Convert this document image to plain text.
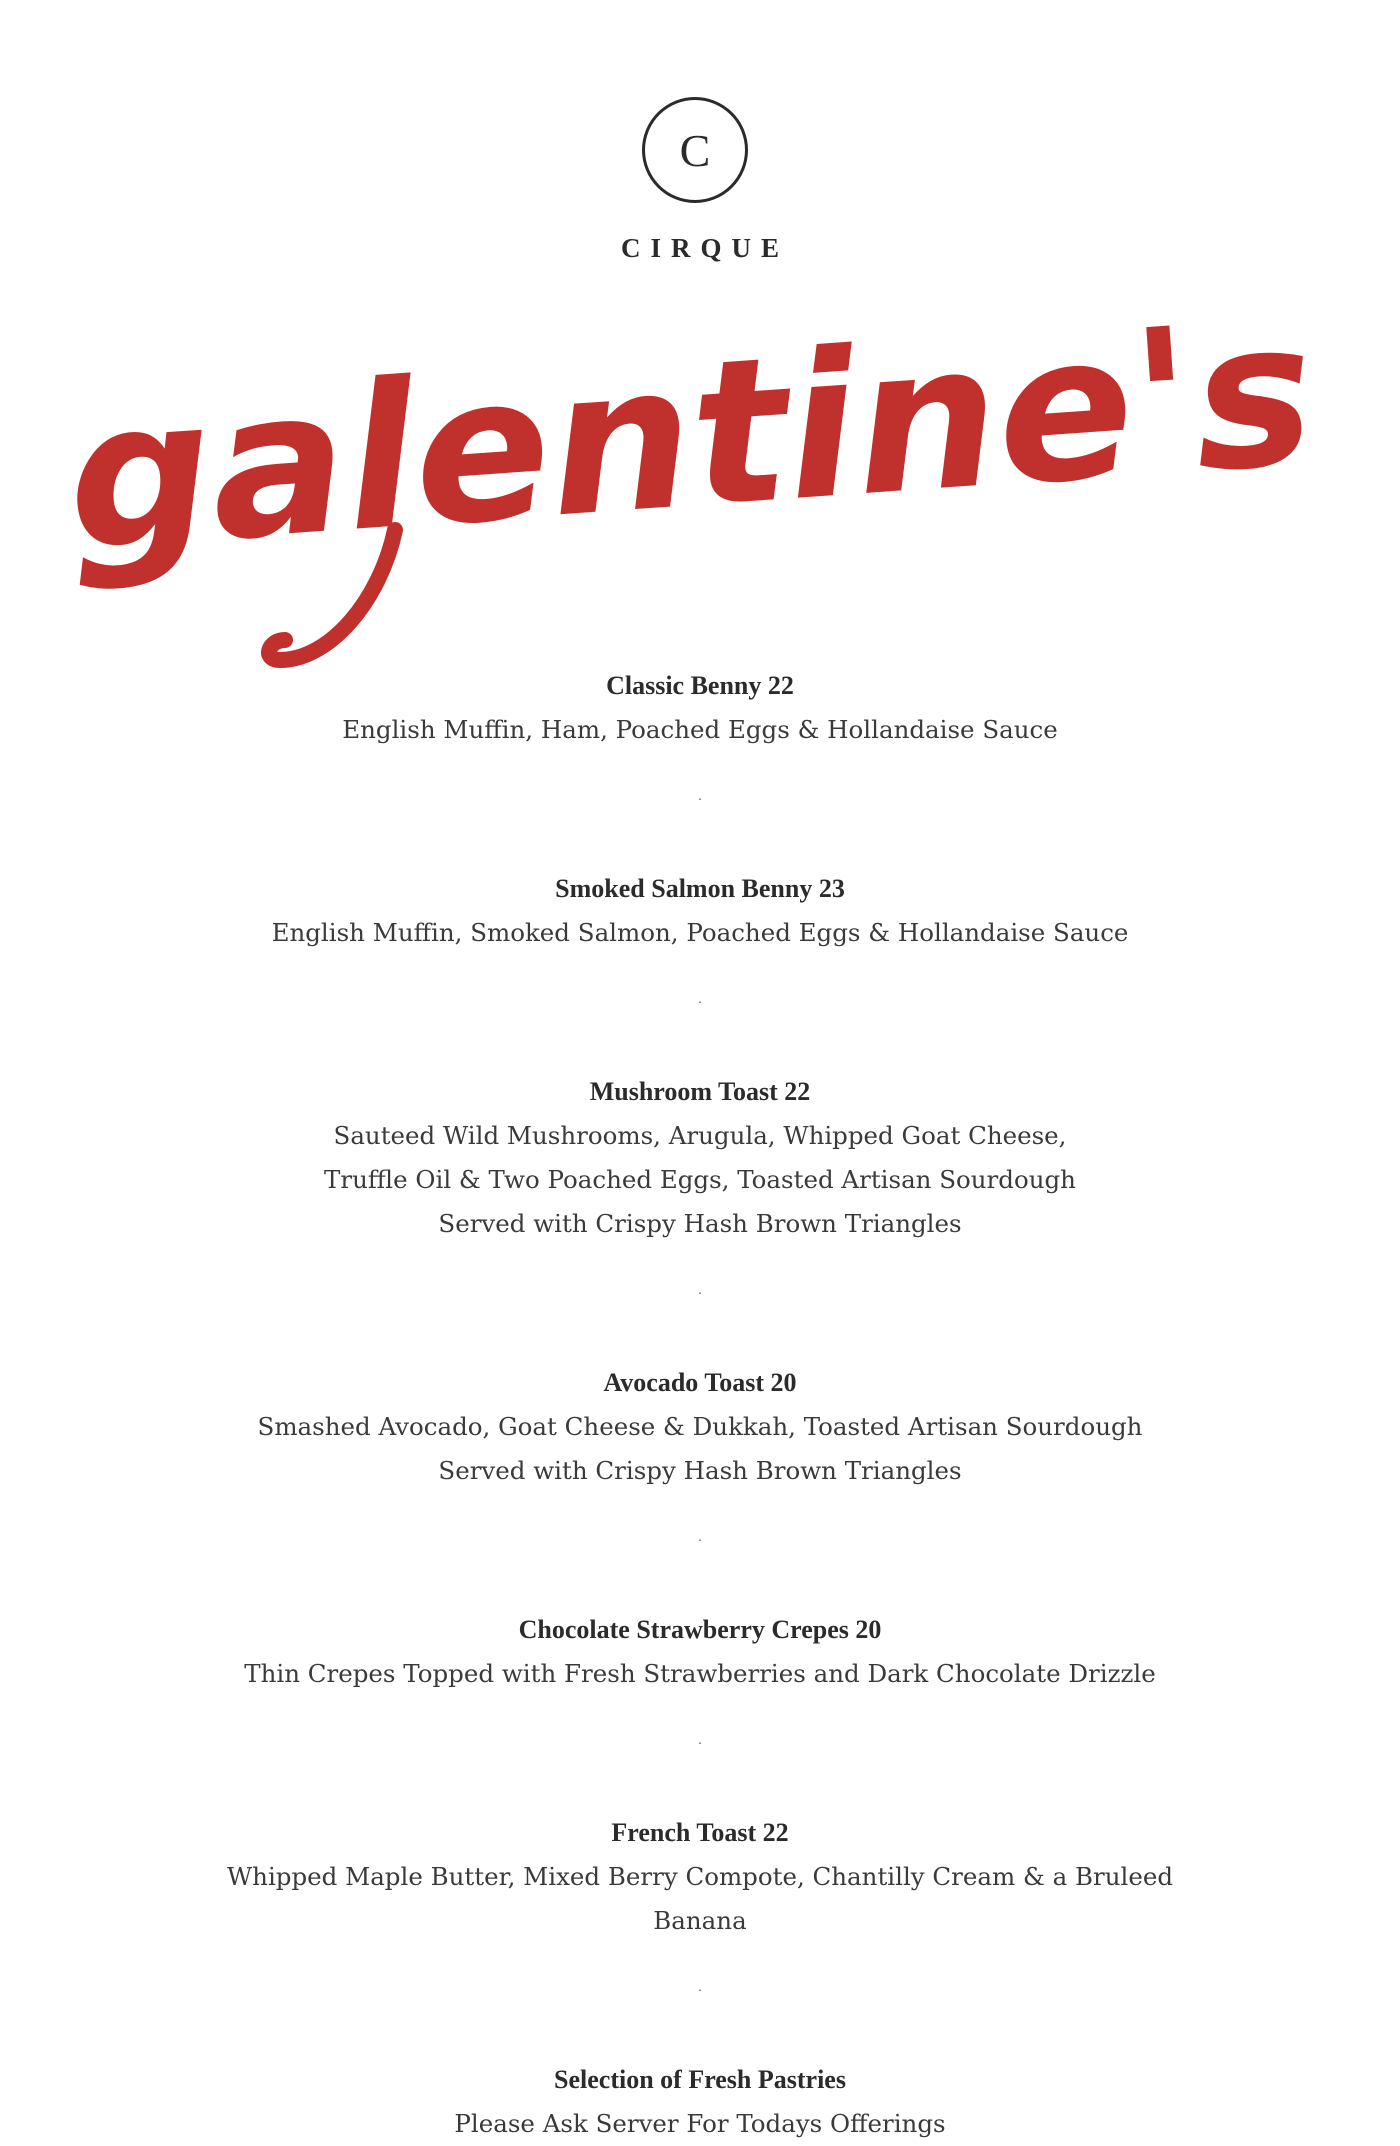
C
CIRQUE
galentine's
Classic Benny 22
English Muffin, Ham, Poached Eggs & Hollandaise Sauce
.
Smoked Salmon Benny 23
English Muffin, Smoked Salmon, Poached Eggs & Hollandaise Sauce
.
Mushroom Toast 22
Sauteed Wild Mushrooms, Arugula, Whipped Goat Cheese,
Truffle Oil & Two Poached Eggs, Toasted Artisan Sourdough
Served with Crispy Hash Brown Triangles
.
Avocado Toast 20
Smashed Avocado, Goat Cheese & Dukkah, Toasted Artisan Sourdough
Served with Crispy Hash Brown Triangles
.
Chocolate Strawberry Crepes 20
Thin Crepes Topped with Fresh Strawberries and Dark Chocolate Drizzle
.
French Toast 22
Whipped Maple Butter, Mixed Berry Compote, Chantilly Cream & a Bruleed
Banana
.
Selection of Fresh Pastries
Please Ask Server For Todays Offerings
